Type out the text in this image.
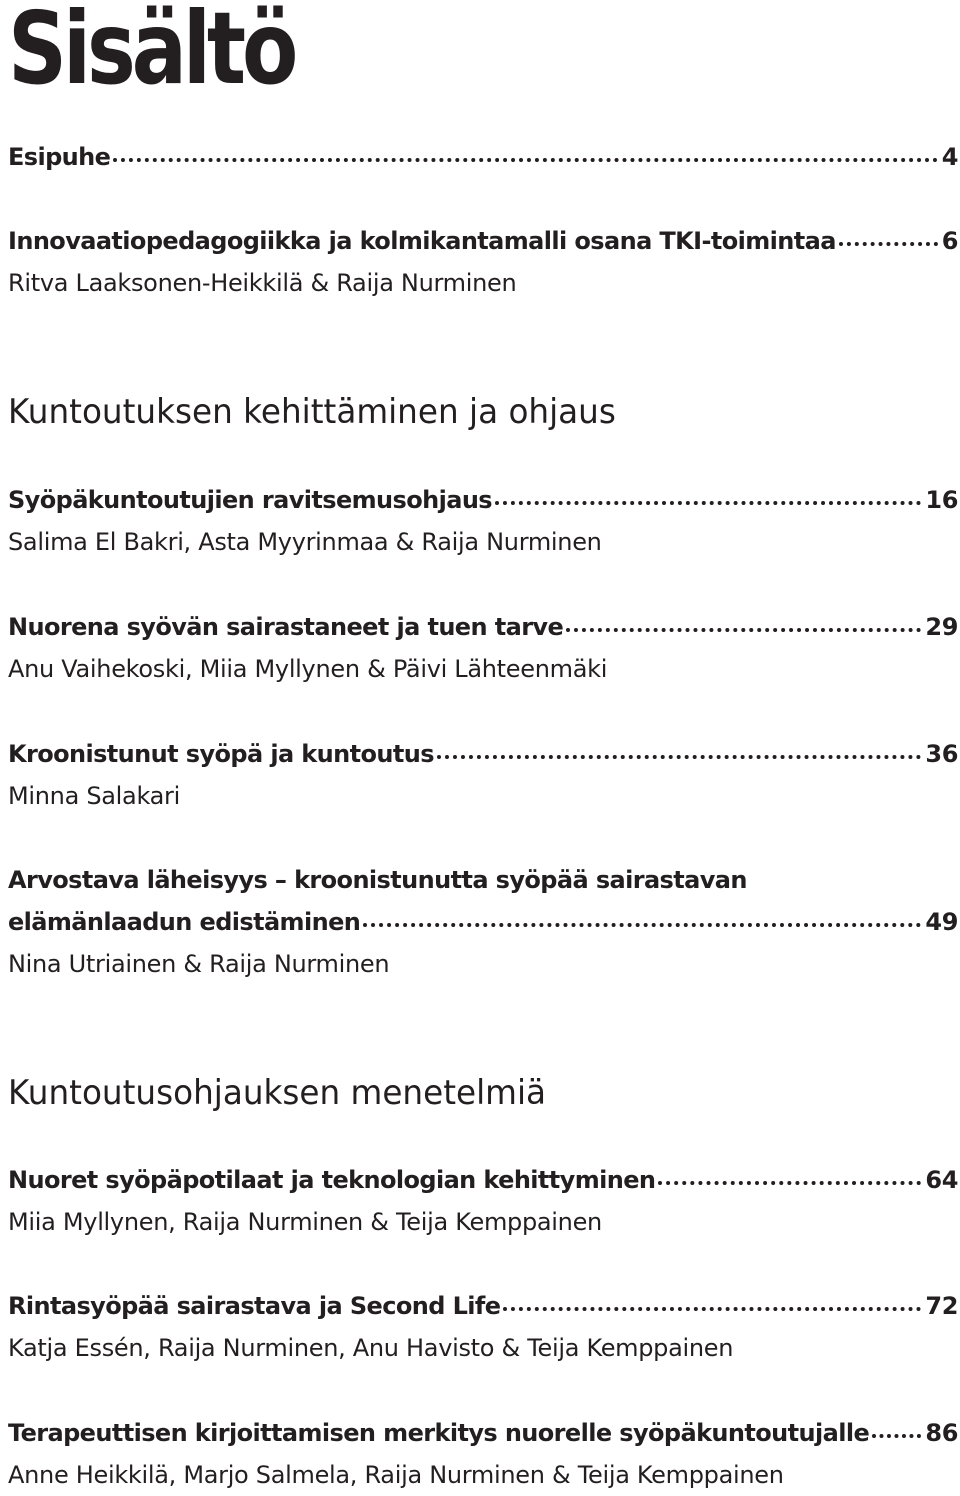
Sisältö
Esipuhe	4
Innovaatiopedagogiikka ja kolmikantamalli osana TKI-toimintaa	6
Ritva Laaksonen-Heikkilä & Raija Nurminen
Kuntoutuksen kehittäminen ja ohjaus
Syöpäkuntoutujien ravitsemusohjaus	16
Salima El Bakri, Asta Myyrinmaa & Raija Nurminen
Nuorena syövän sairastaneet ja tuen tarve	29
Anu Vaihekoski, Miia Myllynen & Päivi Lähteenmäki
Kroonistunut syöpä ja kuntoutus	36
Minna Salakari
Arvostava läheisyys – kroonistunutta syöpää sairastavan
elämänlaadun edistäminen	49
Nina Utriainen & Raija Nurminen
Kuntoutusohjauksen menetelmiä
Nuoret syöpäpotilaat ja teknologian kehittyminen	64
Miia Myllynen, Raija Nurminen & Teija Kemppainen
Rintasyöpää sairastava ja Second Life	72
Katja Essén, Raija Nurminen, Anu Havisto & Teija Kemppainen
Terapeuttisen kirjoittamisen merkitys nuorelle syöpäkuntoutujalle 86
Anne Heikkilä, Marjo Salmela, Raija Nurminen & Teija Kemppainen
